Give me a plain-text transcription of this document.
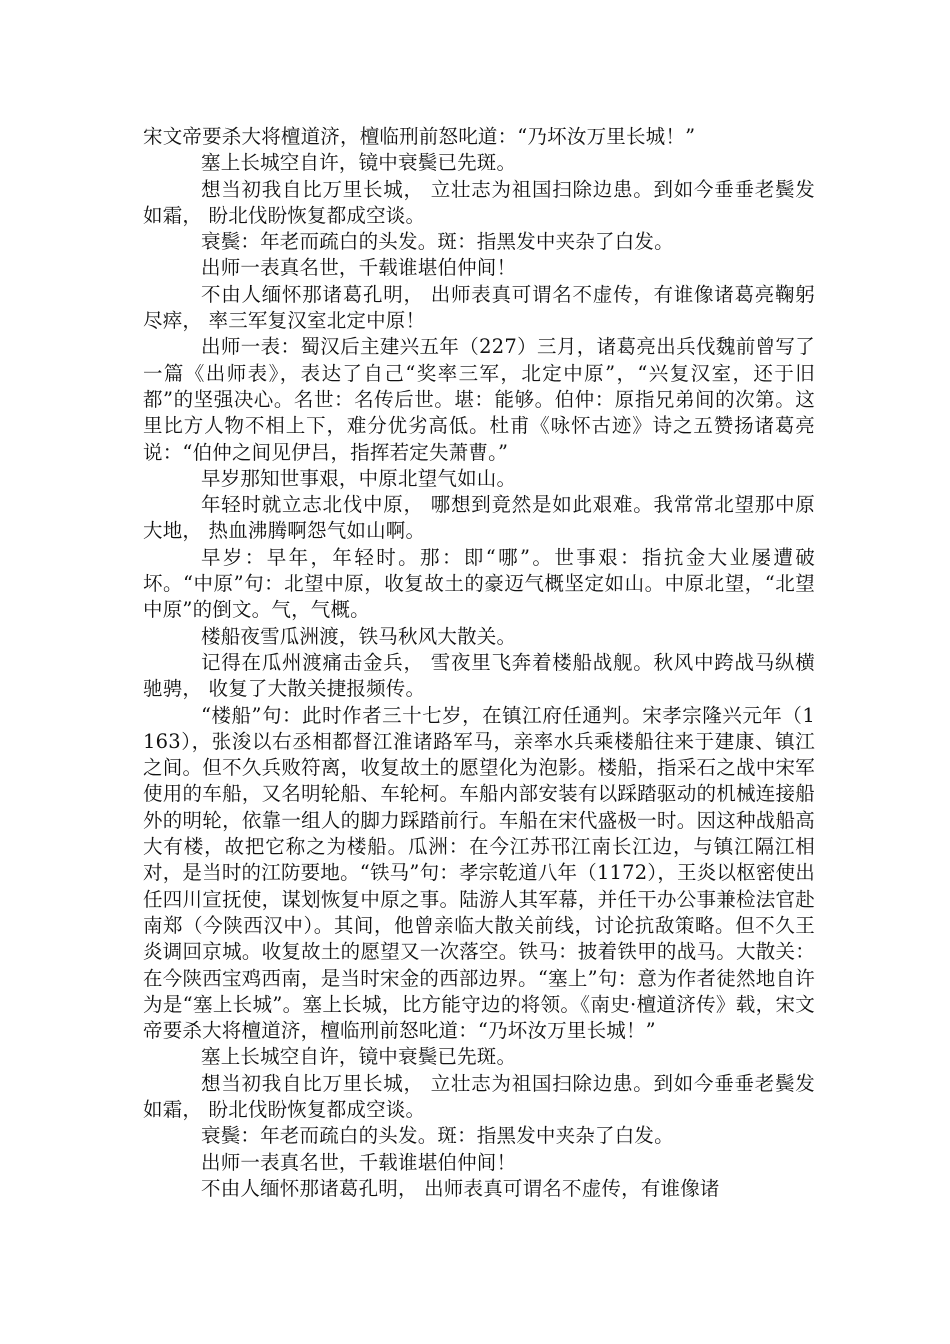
宋文帝要杀大将檀道济，檀临刑前怒叱道：“乃坏汝万里长城！”

塞上长城空自许，镜中衰鬓已先斑。

想当初我自比万里长城， 立壮志为祖国扫除边患。到如今垂垂老鬓发如霜， 盼北伐盼恢复都成空谈。

衰鬓：年老而疏白的头发。斑：指黑发中夹杂了白发。

出师一表真名世，千载谁堪伯仲间！

不由人缅怀那诸葛孔明， 出师表真可谓名不虚传，有谁像诸葛亮鞠躬尽瘁， 率三军复汉室北定中原！

出师一表：蜀汉后主建兴五年（227）三月，诸葛亮出兵伐魏前曾写了一篇《出师表》，表达了自己“奖率三军，北定中原”，“兴复汉室，还于旧都”的坚强决心。名世：名传后世。堪：能够。伯仲：原指兄弟间的次第。这里比方人物不相上下，难分优劣高低。杜甫《咏怀古迹》诗之五赞扬诸葛亮说：“伯仲之间见伊吕，指挥若定失萧曹。”

早岁那知世事艰，中原北望气如山。

年轻时就立志北伐中原， 哪想到竟然是如此艰难。我常常北望那中原大地， 热血沸腾啊怨气如山啊。

早岁：早年，年轻时。那：即“哪”。世事艰：指抗金大业屡遭破坏。“中原”句：北望中原，收复故土的豪迈气概坚定如山。中原北望，“北望中原”的倒文。气，气概。

楼船夜雪瓜洲渡，铁马秋风大散关。

记得在瓜州渡痛击金兵， 雪夜里飞奔着楼船战舰。秋风中跨战马纵横驰骋， 收复了大散关捷报频传。

“楼船”句：此时作者三十七岁，在镇江府任通判。宋孝宗隆兴元年（1163），张浚以右丞相都督江淮诸路军马，亲率水兵乘楼船往来于建康、镇江之间。但不久兵败符离，收复故土的愿望化为泡影。楼船，指采石之战中宋军使用的车船，又名明轮船、车轮柯。车船内部安装有以踩踏驱动的机械连接船外的明轮，依靠一组人的脚力踩踏前行。车船在宋代盛极一时。因这种战船高大有楼，故把它称之为楼船。瓜洲：在今江苏邗江南长江边，与镇江隔江相对，是当时的江防要地。“铁马”句：孝宗乾道八年（1172），王炎以枢密使出任四川宣抚使，谋划恢复中原之事。陆游人其军幕，并任干办公事兼检法官赴南郑（今陕西汉中）。其间，他曾亲临大散关前线，讨论抗敌策略。但不久王炎调回京城。收复故土的愿望又一次落空。铁马：披着铁甲的战马。大散关：在今陕西宝鸡西南，是当时宋金的西部边界。“塞上”句：意为作者徒然地自许为是“塞上长城”。塞上长城，比方能守边的将领。《南史·檀道济传》载，宋文帝要杀大将檀道济，檀临刑前怒叱道：“乃坏汝万里长城！”

塞上长城空自许，镜中衰鬓已先斑。

想当初我自比万里长城， 立壮志为祖国扫除边患。到如今垂垂老鬓发如霜， 盼北伐盼恢复都成空谈。

衰鬓：年老而疏白的头发。斑：指黑发中夹杂了白发。

出师一表真名世，千载谁堪伯仲间！

不由人缅怀那诸葛孔明， 出师表真可谓名不虚传，有谁像诸
